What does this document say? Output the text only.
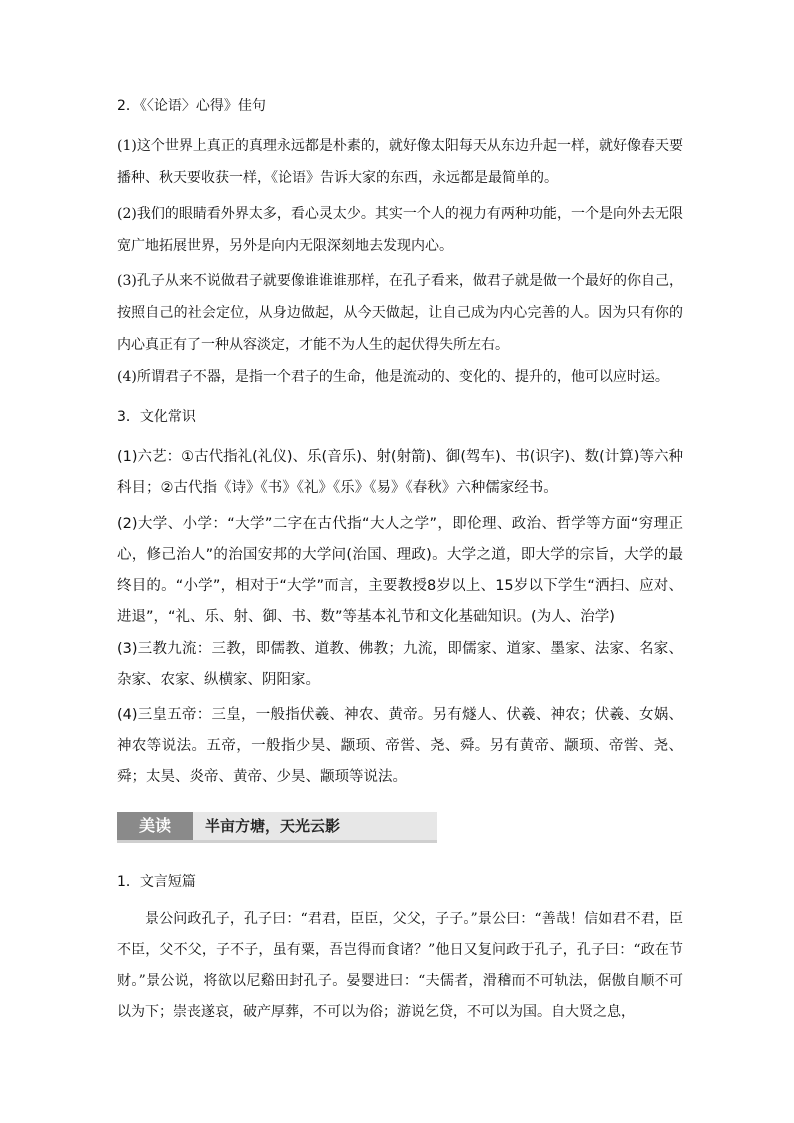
2．《〈论语〉心得》佳句
(1)这个世界上真正的真理永远都是朴素的，就好像太阳每天从东边升起一样，就好像春天要播种、秋天要收获一样，《论语》告诉大家的东西，永远都是最简单的。
(2)我们的眼睛看外界太多，看心灵太少。其实一个人的视力有两种功能，一个是向外去无限宽广地拓展世界，另外是向内无限深刻地去发现内心。
(3)孔子从来不说做君子就要像谁谁谁那样，在孔子看来，做君子就是做一个最好的你自己，按照自己的社会定位，从身边做起，从今天做起，让自己成为内心完善的人。因为只有你的内心真正有了一种从容淡定，才能不为人生的起伏得失所左右。
(4)所谓君子不器，是指一个君子的生命，他是流动的、变化的、提升的，他可以应时运。
3．文化常识
(1)六艺：①古代指礼(礼仪)、乐(音乐)、射(射箭)、御(驾车)、书(识字)、数(计算)等六种科目；②古代指《诗》《书》《礼》《乐》《易》《春秋》六种儒家经书。
(2)大学、小学：“大学”二字在古代指“大人之学”，即伦理、政治、哲学等方面“穷理正心，修己治人”的治国安邦的大学问(治国、理政)。大学之道，即大学的宗旨，大学的最终目的。“小学”，相对于“大学”而言，主要教授8岁以上、15岁以下学生“洒扫、应对、进退”，“礼、乐、射、御、书、数”等基本礼节和文化基础知识。(为人、治学)
(3)三教九流：三教，即儒教、道教、佛教；九流，即儒家、道家、墨家、法家、名家、杂家、农家、纵横家、阴阳家。
(4)三皇五帝：三皇，一般指伏羲、神农、黄帝。另有燧人、伏羲、神农；伏羲、女娲、神农等说法。五帝，一般指少昊、颛顼、帝喾、尧、舜。另有黄帝、颛顼、帝喾、尧、舜；太昊、炎帝、黄帝、少昊、颛顼等说法。
美读	半亩方塘，天光云影
1．文言短篇
景公问政孔子，孔子曰：“君君，臣臣，父父，子子。”景公曰：“善哉！信如君不君，臣不臣，父不父，子不子，虽有粟，吾岂得而食诸？”他日又复问政于孔子，孔子曰：“政在节财。”景公说，将欲以尼谿田封孔子。晏婴进曰：“夫儒者，滑稽而不可轨法，倨傲自顺不可以为下；崇丧遂哀，破产厚葬，不可以为俗；游说乞贷，不可以为国。自大贤之息，
